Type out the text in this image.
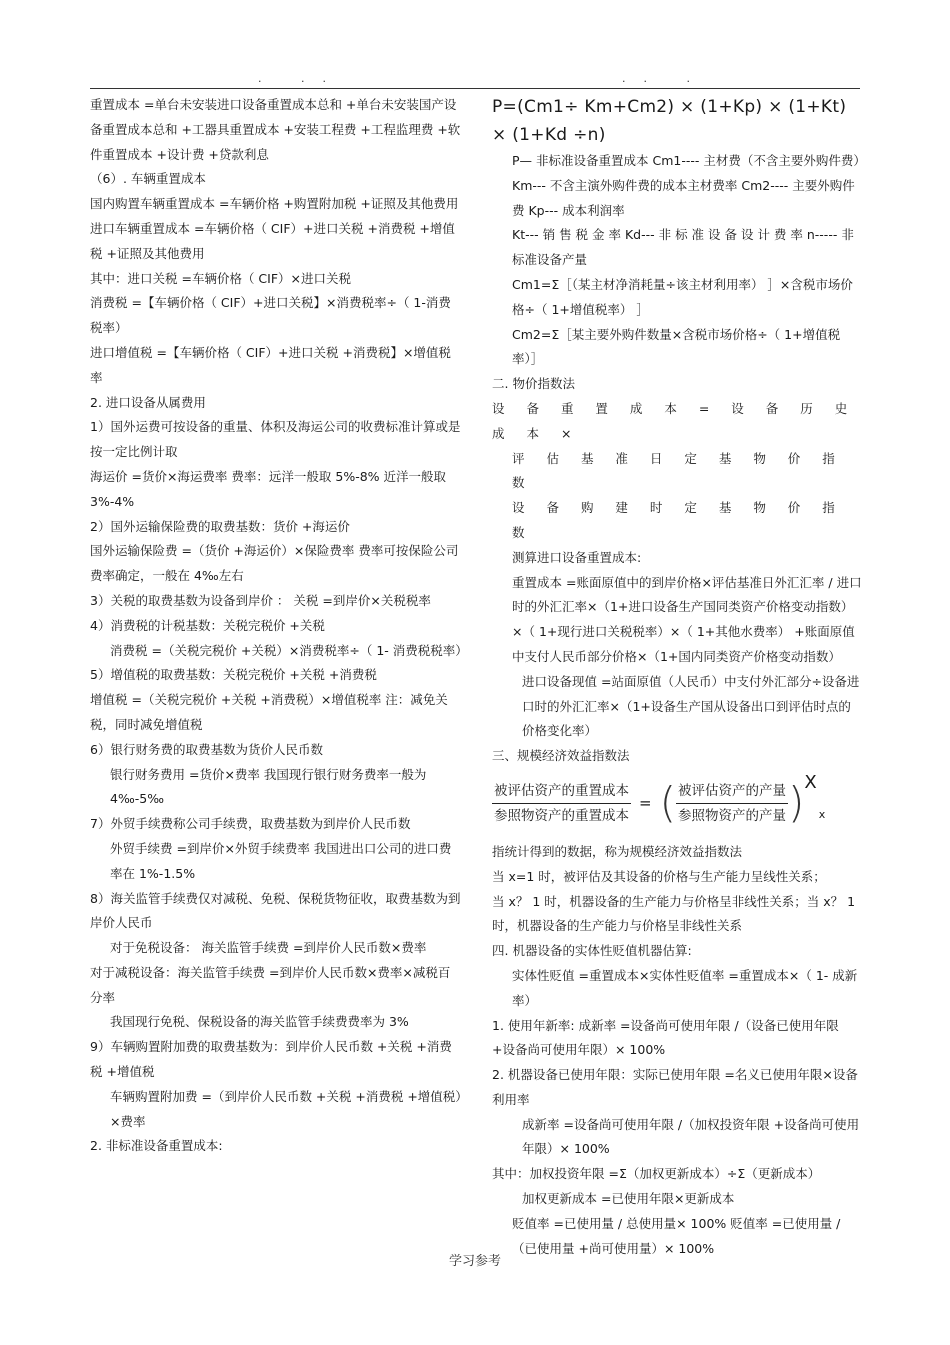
. ..	.. .

重置成本 =单台未安装进口设备重置成本总和 +单台未安装国产设备重置成本总和 +工器具重置成本 +安装工程费 +工程监理费 +软件重置成本 +设计费 +贷款利息

（6）. 车辆重置成本

国内购置车辆重置成本 =车辆价格 +购置附加税 +证照及其他费用

进口车辆重置成本 =车辆价格（ CIF）+进口关税 +消费税 +增值税 +证照及其他费用

其中：进口关税 =车辆价格（ CIF）×进口关税

消费税 =【车辆价格（ CIF）+进口关税】×消费税率÷（ 1-消费税率）

进口增值税 =【车辆价格（ CIF）+进口关税 +消费税】×增值税率

2. 进口设备从属费用

1）国外运费可按设备的重量、体积及海运公司的收费标准计算或是按一定比例计取

海运价 =货价×海运费率 费率：远洋一般取 5%-8% 近洋一般取 3%-4%

2）国外运输保险费的取费基数：货价 +海运价

国外运输保险费 =（货价 +海运价）×保险费率 费率可按保险公司费率确定，一般在 4‰左右

3）关税的取费基数为设备到岸价 ： 关税 =到岸价×关税税率

4）消费税的计税基数：关税完税价 +关税

消费税 =（关税完税价 +关税）×消费税率÷（ 1- 消费税税率）

5）增值税的取费基数：关税完税价 +关税 +消费税

增值税 =（关税完税价 +关税 +消费税）×增值税率 注：减免关税，同时减免增值税

6）银行财务费的取费基数为货价人民币数

银行财务费用 =货价×费率 我国现行银行财务费率一般为 4‰-5‰

7）外贸手续费称公司手续费，取费基数为到岸价人民币数

外贸手续费 =到岸价×外贸手续费率 我国进出口公司的进口费率在 1%-1.5%

8）海关监管手续费仅对减税、免税、保税货物征收，取费基数为到岸价人民币

对于免税设备： 海关监管手续费 =到岸价人民币数×费率

对于减税设备：海关监管手续费 =到岸价人民币数×费率×减税百分率

我国现行免税、保税设备的海关监管手续费费率为 3%

9）车辆购置附加费的取费基数为：到岸价人民币数 +关税 +消费税 +增值税

车辆购置附加费 =（到岸价人民币数 +关税 +消费税 +增值税）×费率

2. 非标准设备重置成本:

P=(Cm1÷ Km+Cm2) × (1+Kp) × (1+Kt) × (1+Kd ÷n)

P— 非标准设备重置成本 Cm1---- 主材费（不含主要外购件费）

Km--- 不含主演外购件费的成本主材费率 Cm2---- 主要外购件费 Kp--- 成本利润率

Kt--- 销 售 税 金 率 Kd--- 非 标 准 设 备 设 计 费 率 n----- 非标准设备产量

Cm1=Σ［（某主材净消耗量÷该主材利用率） ］×含税市场价格÷（ 1+增值税率） ］

Cm2=Σ［某主要外购件数量×含税市场价格÷（ 1+增值税率）］

二. 物价指数法

设 备 重 置 成 本 = 设 备 历 史 成 本 ×

评 估 基 准 日 定 基 物 价 指 数

设 备 购 建 时 定 基 物 价 指 数

测算进口设备重置成本:

重置成本 =账面原值中的到岸价格×评估基准日外汇汇率 / 进口时的外汇汇率×（1+进口设备生产国同类资产价格变动指数）×（ 1+现行进口关税税率）×（ 1+其他水费率） +账面原值中支付人民币部分价格×（1+国内同类资产价格变动指数）

进口设备现值 =站面原值（人民币）中支付外汇部分÷设备进口时的外汇汇率×（1+设备生产国从设备出口到评估时点的价格变化率）

三、规模经济效益指数法

$\frac{\text{被评估资产的重置成本}}{\text{参照物资产的重置成本}}$ = ( $\frac{\text{被评估资产的产量}}{\text{参照物资产的产量}}$ ) X
x

指统计得到的数据，称为规模经济效益指数法

当 x=1 时，被评估及其设备的价格与生产能力呈线性关系；

当 x？ 1 时，机器设备的生产能力与价格呈非线性关系；当 x？ 1 时，机器设备的生产能力与价格呈非线性关系

四. 机器设备的实体性贬值机器估算:

实体性贬值 =重置成本×实体性贬值率 =重置成本×（ 1- 成新率）

1. 使用年新率: 成新率 =设备尚可使用年限 /（设备已使用年限 +设备尚可使用年限）× 100%

2. 机器设备已使用年限：实际已使用年限 =名义已使用年限×设备利用率

成新率 =设备尚可使用年限 /（加权投资年限 +设备尚可使用年限）× 100%

其中：加权投资年限 =Σ（加权更新成本）÷Σ（更新成本）

加权更新成本 =已使用年限×更新成本

贬值率 =已使用量 / 总使用量× 100% 贬值率 =已使用量 /（已使用量 +尚可使用量）× 100%

学习参考
